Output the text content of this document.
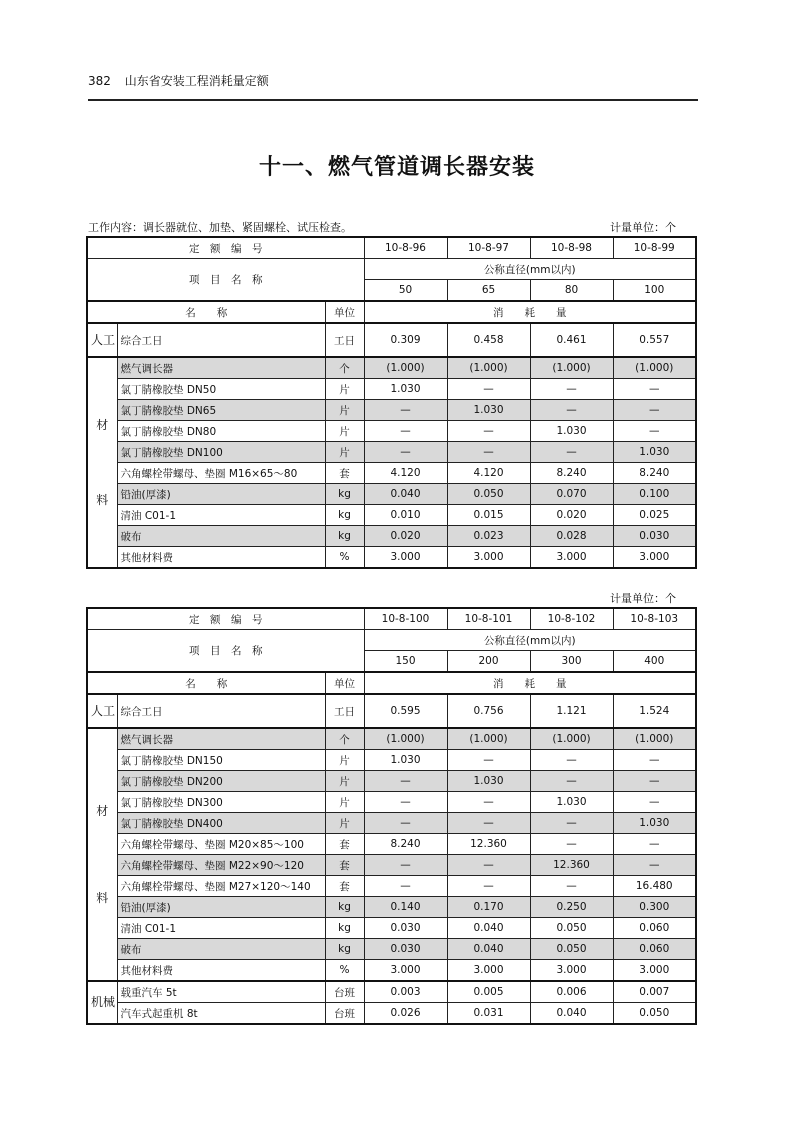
382 山东省安装工程消耗量定额
十一、燃气管道调长器安装
工作内容：调长器就位、加垫、紧固螺栓、试压检查。	计量单位：个
定　额　编　号			10-8-96	10-8-97	10-8-98	10-8-99
项　目　名　称			公称直径(mm以内)			
			50	65	80	100
名　　称		单位	消　　耗　　量			
人工	综合工日	工日	0.309	0.458	0.461	0.557

材
料	燃气调长器	个	(1.000)	(1.000)	(1.000)	(1.000)
	氯丁腈橡胶垫 DN50	片	1.030	—	—	—
	氯丁腈橡胶垫 DN65	片	—	1.030	—	—
	氯丁腈橡胶垫 DN80	片	—	—	1.030	—
	氯丁腈橡胶垫 DN100	片	—	—	—	1.030
	六角螺栓带螺母、垫圈 M16×65～80	套	4.120	4.120	8.240	8.240
	铅油(厚漆)	kg	0.040	0.050	0.070	0.100
	清油 C01-1	kg	0.010	0.015	0.020	0.025
	破布	kg	0.020	0.023	0.028	0.030
	其他材料费	%	3.000	3.000	3.000	3.000
计量单位：个
定　额　编　号			10-8-100	10-8-101	10-8-102	10-8-103
项　目　名　称			公称直径(mm以内)			
			150	200	300	400
名　　称		单位	消　　耗　　量			
人工	综合工日	工日	0.595	0.756	1.121	1.524

材
料	燃气调长器	个	(1.000)	(1.000)	(1.000)	(1.000)
	氯丁腈橡胶垫 DN150	片	1.030	—	—	—
	氯丁腈橡胶垫 DN200	片	—	1.030	—	—
	氯丁腈橡胶垫 DN300	片	—	—	1.030	—
	氯丁腈橡胶垫 DN400	片	—	—	—	1.030
	六角螺栓带螺母、垫圈 M20×85～100	套	8.240	12.360	—	—
	六角螺栓带螺母、垫圈 M22×90～120	套	—	—	12.360	—
	六角螺栓带螺母、垫圈 M27×120～140	套	—	—	—	16.480
	铅油(厚漆)	kg	0.140	0.170	0.250	0.300
	清油 C01-1	kg	0.030	0.040	0.050	0.060
	破布	kg	0.030	0.040	0.050	0.060
	其他材料费	%	3.000	3.000	3.000	3.000
机械	载重汽车 5t	台班	0.003	0.005	0.006	0.007
	汽车式起重机 8t	台班	0.026	0.031	0.040	0.050
